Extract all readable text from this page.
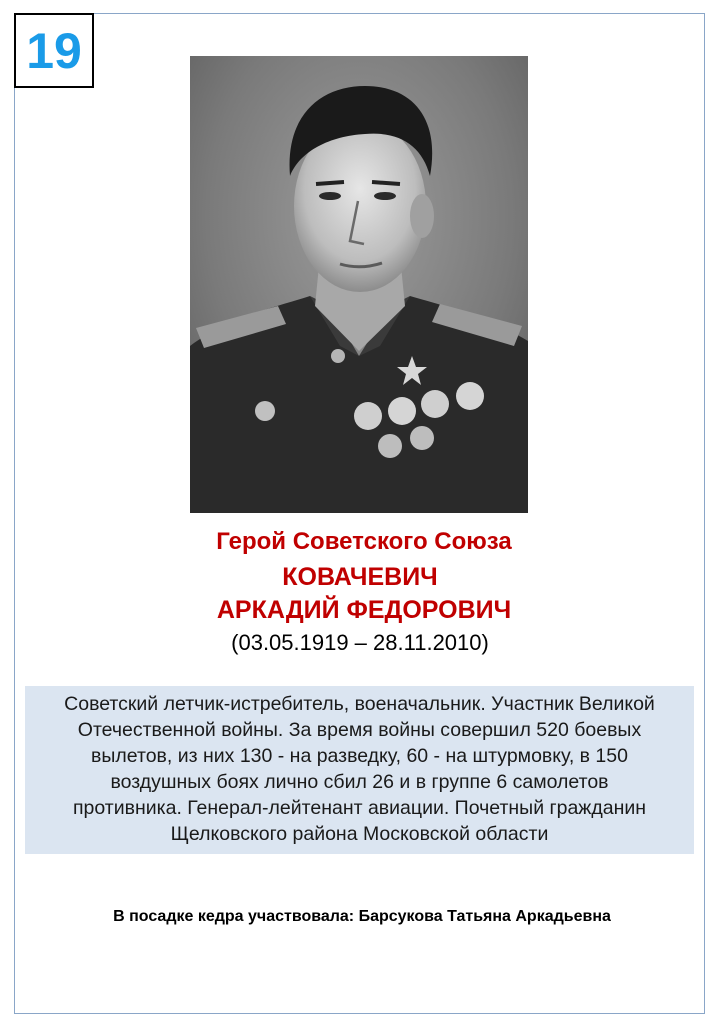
19
Герой Советского Союза
КОВАЧЕВИЧ
АРКАДИЙ ФЕДОРОВИЧ
(03.05.1919 – 28.11.2010)
Советский летчик-истребитель, военачальник. Участник Великой
Отечественной войны. За время войны совершил 520 боевых
вылетов, из них 130 - на разведку, 60 - на штурмовку, в 150
воздушных боях лично сбил 26 и в группе 6 самолетов
противника. Генерал-лейтенант авиации. Почетный гражданин
Щелковского района Московской области
В посадке кедра участвовала: Барсукова Татьяна Аркадьевна
